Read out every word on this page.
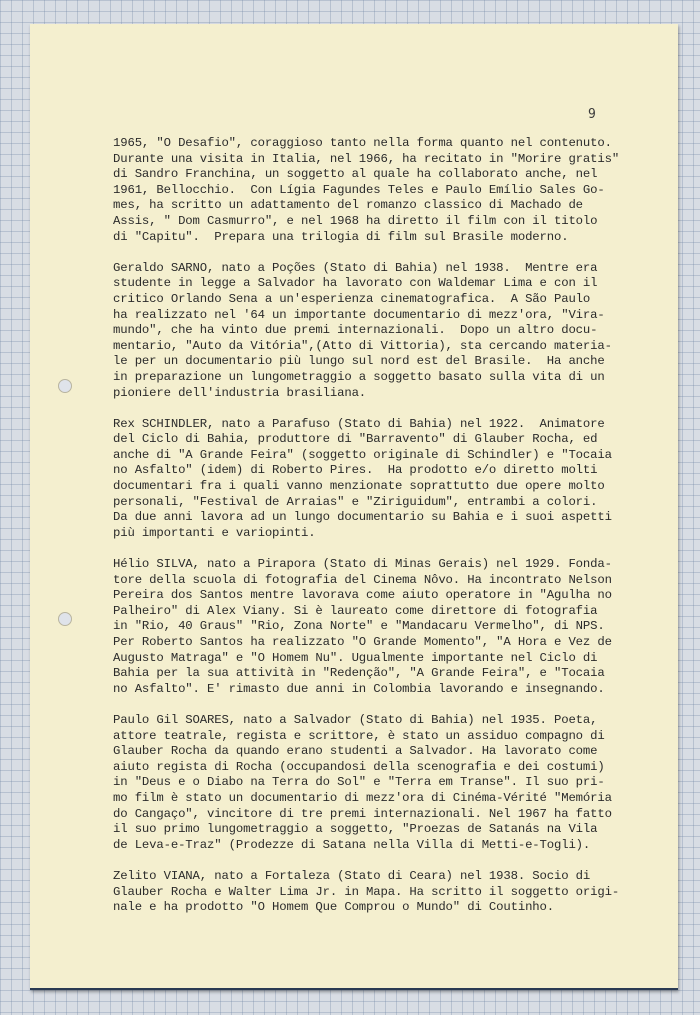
9

1965, "O Desafio", coraggioso tanto nella forma quanto nel contenuto.
Durante una visita in Italia, nel 1966, ha recitato in "Morire gratis"
di Sandro Franchina, un soggetto al quale ha collaborato anche, nel
1961, Bellocchio.  Con Lígia Fagundes Teles e Paulo Emílio Sales Go-
mes, ha scritto un adattamento del romanzo classico di Machado de
Assis, " Dom Casmurro", e nel 1968 ha diretto il film con il titolo
di "Capitu".  Prepara una trilogia di film sul Brasile moderno.

Geraldo SARNO, nato a Poções (Stato di Bahia) nel 1938.  Mentre era
studente in legge a Salvador ha lavorato con Waldemar Lima e con il
critico Orlando Sena a un'esperienza cinematografica.  A São Paulo
ha realizzato nel '64 un importante documentario di mezz'ora, "Vira-
mundo", che ha vinto due premi internazionali.  Dopo un altro docu-
mentario, "Auto da Vitória",(Atto di Vittoria), sta cercando materia-
le per un documentario più lungo sul nord est del Brasile.  Ha anche
in preparazione un lungometraggio a soggetto basato sulla vita di un
pioniere dell'industria brasiliana.

Rex SCHINDLER, nato a Parafuso (Stato di Bahia) nel 1922.  Animatore
del Ciclo di Bahia, produttore di "Barravento" di Glauber Rocha, ed
anche di "A Grande Feira" (soggetto originale di Schindler) e "Tocaia
no Asfalto" (idem) di Roberto Pires.  Ha prodotto e/o diretto molti
documentari fra i quali vanno menzionate soprattutto due opere molto
personali, "Festival de Arraias" e "Ziriguidum", entrambi a colori.
Da due anni lavora ad un lungo documentario su Bahia e i suoi aspetti
più importanti e variopinti.

Hélio SILVA, nato a Pirapora (Stato di Minas Gerais) nel 1929. Fonda-
tore della scuola di fotografia del Cinema Nôvo. Ha incontrato Nelson
Pereira dos Santos mentre lavorava come aiuto operatore in "Agulha no
Palheiro" di Alex Viany. Si è laureato come direttore di fotografia
in "Rio, 40 Graus" "Rio, Zona Norte" e "Mandacaru Vermelho", di NPS.
Per Roberto Santos ha realizzato "O Grande Momento", "A Hora e Vez de
Augusto Matraga" e "O Homem Nu". Ugualmente importante nel Ciclo di
Bahia per la sua attività in "Redenção", "A Grande Feira", e "Tocaia
no Asfalto". E' rimasto due anni in Colombia lavorando e insegnando.

Paulo Gil SOARES, nato a Salvador (Stato di Bahia) nel 1935. Poeta,
attore teatrale, regista e scrittore, è stato un assiduo compagno di
Glauber Rocha da quando erano studenti a Salvador. Ha lavorato come
aiuto regista di Rocha (occupandosi della scenografia e dei costumi)
in "Deus e o Diabo na Terra do Sol" e "Terra em Transe". Il suo pri-
mo film è stato un documentario di mezz'ora di Cinéma-Vérité "Memória
do Cangaço", vincitore di tre premi internazionali. Nel 1967 ha fatto
il suo primo lungometraggio a soggetto, "Proezas de Satanás na Vila
de Leva-e-Traz" (Prodezze di Satana nella Villa di Metti-e-Togli).

Zelito VIANA, nato a Fortaleza (Stato di Ceara) nel 1938. Socio di
Glauber Rocha e Walter Lima Jr. in Mapa. Ha scritto il soggetto origi-
nale e ha prodotto "O Homem Que Comprou o Mundo" di Coutinho.
